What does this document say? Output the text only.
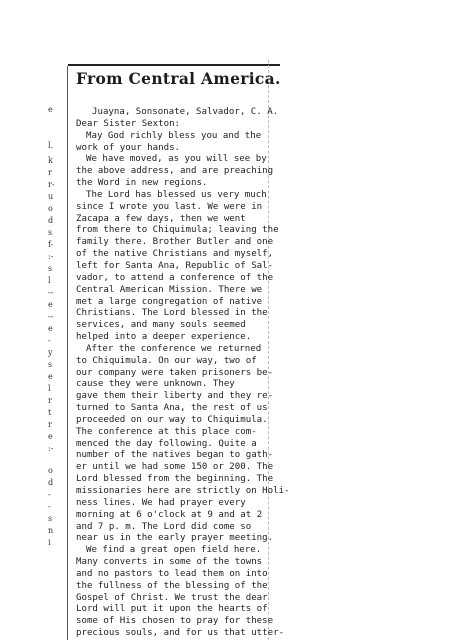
e
l.
k
r
r-
u
o
d
s
f-
:-
s
l
--
e
--
e
-
y
s
e
l
r
t
r
e
:-
o
d
-
-
s
n
i
From Central America.
Juayna, Sonsonate, Salvador, C. A.
Dear Sister Sexton:
May God richly bless you and the
work of your hands.
We have moved, as you will see by
the above address, and are preaching
the Word in new regions.
The Lord has blessed us very much
since I wrote you last. We were in
Zacapa a few days, then we went
from there to Chiquimula; leaving the
family there. Brother Butler and one
of the native Christians and myself,
left for Santa Ana, Republic of Sal-
vador, to attend a conference of the
Central American Mission. There we
met a large congregation of native
Christians. The Lord blessed in the
services, and many souls seemed
helped into a deeper experience.
After the conference we returned
to Chiquimula. On our way, two of
our company were taken prisoners be-
cause they were unknown. They
gave them their liberty and they re-
turned to Santa Ana, the rest of us
proceeded on our way to Chiquimula.
The conference at this place com-
menced the day following. Quite a
number of the natives began to gath-
er until we had some 150 or 200. The
Lord blessed from the beginning. The
missionaries here are strictly on Holi-
ness lines. We had prayer every
morning at 6 o'clock at 9 and at 2
and 7 p. m. The Lord did come so
near us in the early prayer meeting.
We find a great open field here.
Many converts in some of the towns
and no pastors to lead them on into
the fullness of the blessing of the
Gospel of Christ. We trust the dear
Lord will put it upon the hearts of
some of His chosen to pray for these
precious souls, and for us that utter-
